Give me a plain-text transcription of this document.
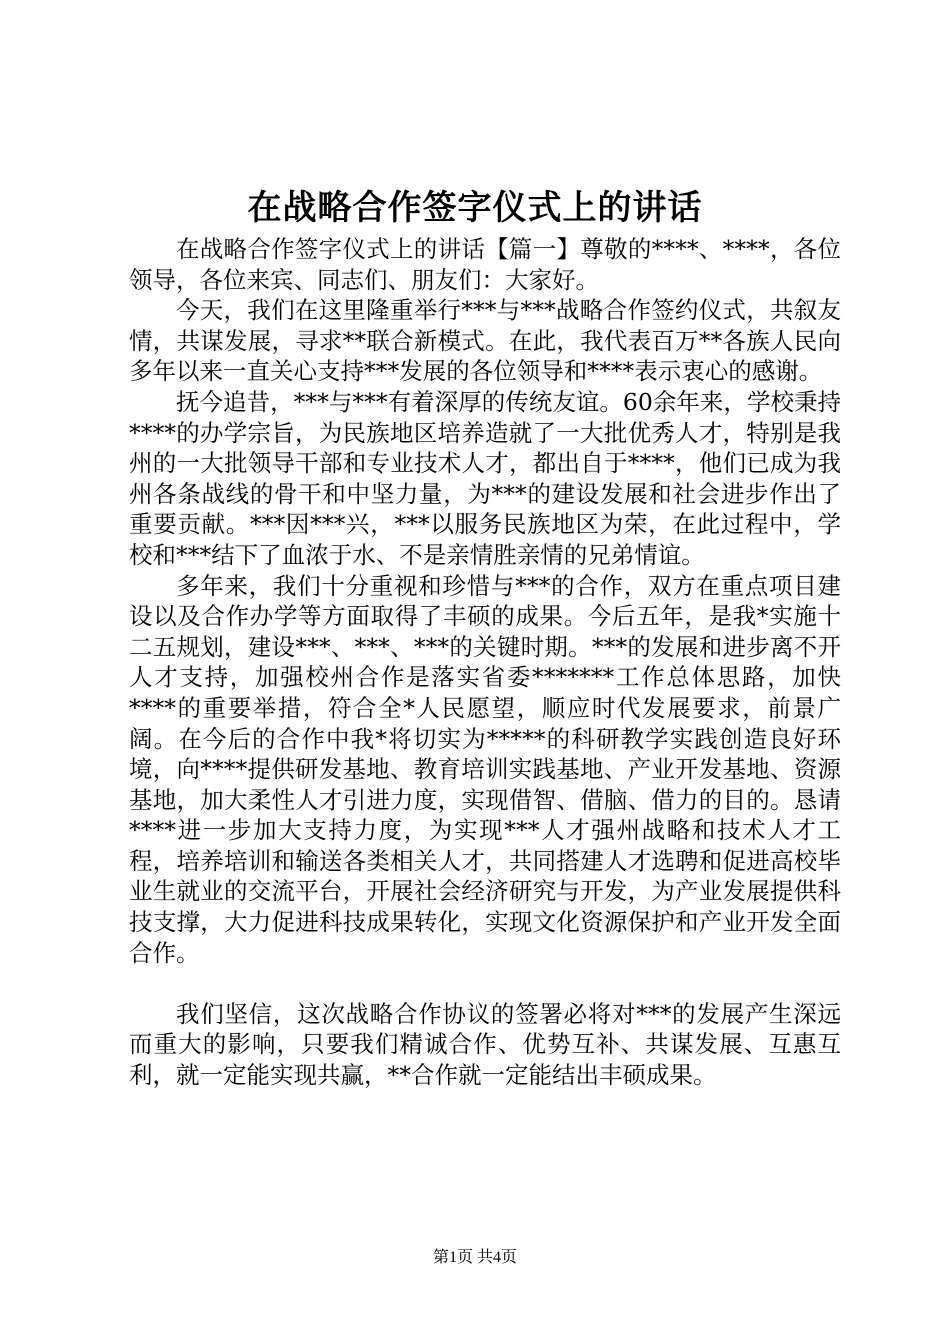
在战略合作签字仪式上的讲话

在战略合作签字仪式上的讲话【篇一】尊敬的****、****，各位领导，各位来宾、同志们、朋友们：大家好。

今天，我们在这里隆重举行***与***战略合作签约仪式，共叙友情，共谋发展，寻求**联合新模式。在此，我代表百万**各族人民向多年以来一直关心支持***发展的各位领导和****表示衷心的感谢。

抚今追昔，***与***有着深厚的传统友谊。60余年来，学校秉持****的办学宗旨，为民族地区培养造就了一大批优秀人才，特别是我州的一大批领导干部和专业技术人才，都出自于****，他们已成为我州各条战线的骨干和中坚力量，为***的建设发展和社会进步作出了重要贡献。***因***兴，***以服务民族地区为荣，在此过程中，学校和***结下了血浓于水、不是亲情胜亲情的兄弟情谊。

多年来，我们十分重视和珍惜与***的合作，双方在重点项目建设以及合作办学等方面取得了丰硕的成果。今后五年，是我*实施十二五规划，建设***、***、***的关键时期。***的发展和进步离不开人才支持，加强校州合作是落实省委*******工作总体思路，加快****的重要举措，符合全*人民愿望，顺应时代发展要求，前景广阔。在今后的合作中我*将切实为*****的科研教学实践创造良好环境，向****提供研发基地、教育培训实践基地、产业开发基地、资源基地，加大柔性人才引进力度，实现借智、借脑、借力的目的。恳请****进一步加大支持力度，为实现***人才强州战略和技术人才工程，培养培训和输送各类相关人才，共同搭建人才选聘和促进高校毕业生就业的交流平台，开展社会经济研究与开发，为产业发展提供科技支撑，大力促进科技成果转化，实现文化资源保护和产业开发全面合作。

我们坚信，这次战略合作协议的签署必将对***的发展产生深远而重大的影响，只要我们精诚合作、优势互补、共谋发展、互惠互利，就一定能实现共赢，**合作就一定能结出丰硕成果。

第1页 共4页
